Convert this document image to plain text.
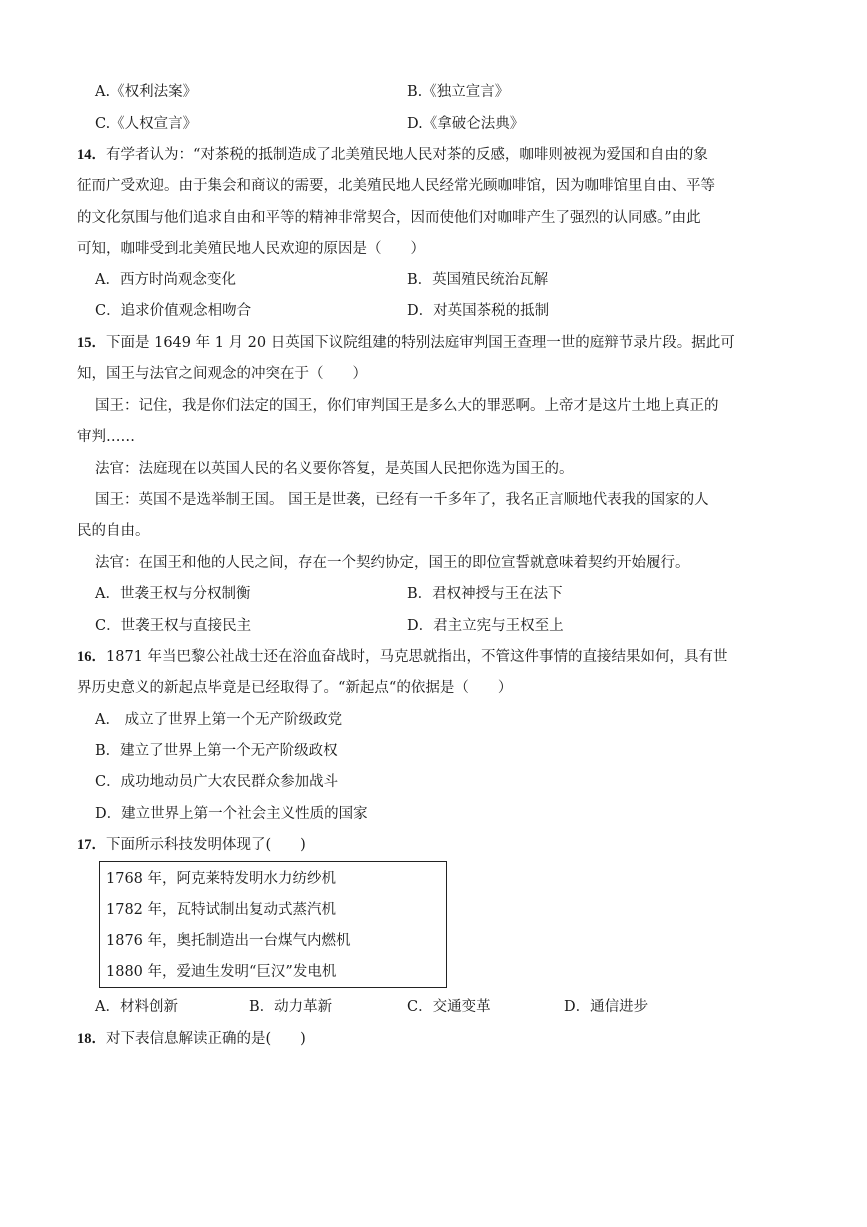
A.《权利法案》	B.《独立宣言》
C.《人权宣言》	D.《拿破仑法典》
14．有学者认为：“对茶税的抵制造成了北美殖民地人民对茶的反感，咖啡则被视为爱国和自由的象
征而广受欢迎。由于集会和商议的需要，北美殖民地人民经常光顾咖啡馆，因为咖啡馆里自由、平等
的文化氛围与他们追求自由和平等的精神非常契合，因而使他们对咖啡产生了强烈的认同感。”由此
可知，咖啡受到北美殖民地人民欢迎的原因是（　　）
A．西方时尚观念变化	B．英国殖民统治瓦解
C．追求价值观念相吻合	D．对英国茶税的抵制
15．下面是 1649 年 1 月 20 日英国下议院组建的特别法庭审判国王查理一世的庭辩节录片段。据此可
知，国王与法官之间观念的冲突在于（　　）
国王：记住，我是你们法定的国王，你们审判国王是多么大的罪恶啊。上帝才是这片土地上真正的
审判……
法官：法庭现在以英国人民的名义要你答复，是英国人民把你选为国王的。
国王：英国不是选举制王国。 国王是世袭，已经有一千多年了，我名正言顺地代表我的国家的人
民的自由。
法官：在国王和他的人民之间，存在一个契约协定，国王的即位宣誓就意味着契约开始履行。
A．世袭王权与分权制衡	B．君权神授与王在法下
C．世袭王权与直接民主	D．君主立宪与王权至上
16．1871 年当巴黎公社战士还在浴血奋战时，马克思就指出，不管这件事情的直接结果如何，具有世
界历史意义的新起点毕竟是已经取得了。“新起点“的依据是（　　）
A． 成立了世界上第一个无产阶级政党
B．建立了世界上第一个无产阶级政权
C．成功地动员广大农民群众参加战斗
D．建立世界上第一个社会主义性质的国家
17．下面所示科技发明体现了(　　)
1768 年，阿克莱特发明水力纺纱机
1782 年，瓦特试制出复动式蒸汽机
1876 年，奥托制造出一台煤气内燃机
1880 年，爱迪生发明“巨汉”发电机
A．材料创新	B．动力革新	C．交通变革	D．通信进步
18．对下表信息解读正确的是(　　)
